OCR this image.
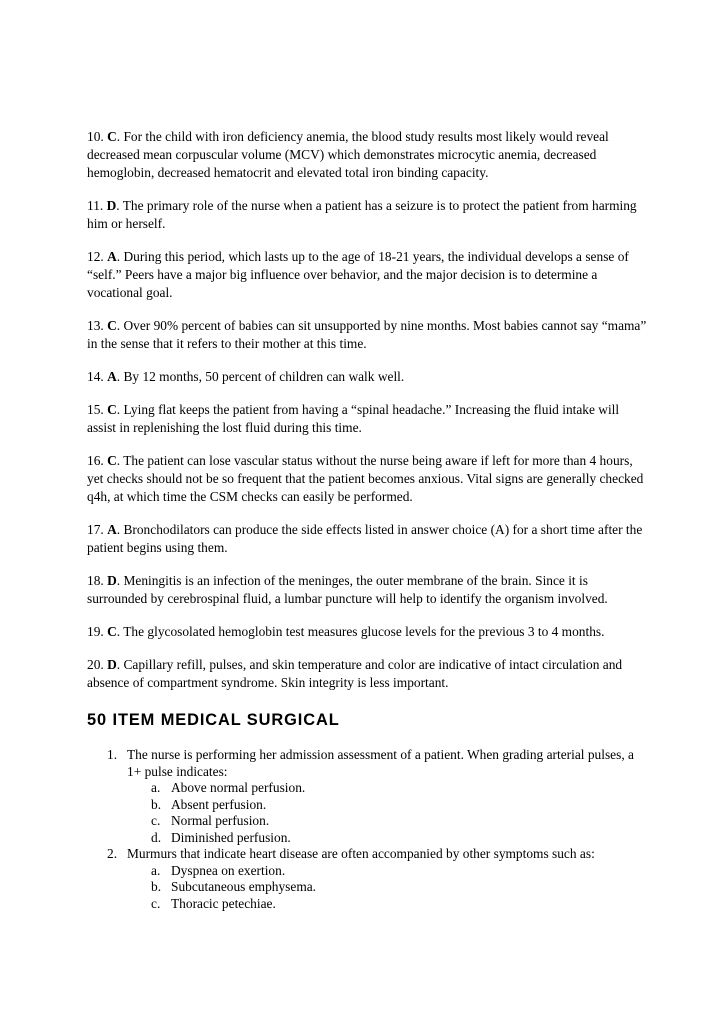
10. C. For the child with iron deficiency anemia, the blood study results most likely would reveal decreased mean corpuscular volume (MCV) which demonstrates microcytic anemia, decreased hemoglobin, decreased hematocrit and elevated total iron binding capacity.

11. D. The primary role of the nurse when a patient has a seizure is to protect the patient from harming him or herself.

12. A. During this period, which lasts up to the age of 18-21 years, the individual develops a sense of “self.” Peers have a major big influence over behavior, and the major decision is to determine a vocational goal.

13. C. Over 90% percent of babies can sit unsupported by nine months. Most babies cannot say “mama” in the sense that it refers to their mother at this time.

14. A. By 12 months, 50 percent of children can walk well.

15. C. Lying flat keeps the patient from having a “spinal headache.” Increasing the fluid intake will assist in replenishing the lost fluid during this time.

16. C. The patient can lose vascular status without the nurse being aware if left for more than 4 hours, yet checks should not be so frequent that the patient becomes anxious. Vital signs are generally checked q4h, at which time the CSM checks can easily be performed.

17. A. Bronchodilators can produce the side effects listed in answer choice (A) for a short time after the patient begins using them.

18. D. Meningitis is an infection of the meninges, the outer membrane of the brain. Since it is surrounded by cerebrospinal fluid, a lumbar puncture will help to identify the organism involved.

19. C. The glycosolated hemoglobin test measures glucose levels for the previous 3 to 4 months.

20. D. Capillary refill, pulses, and skin temperature and color are indicative of intact circulation and absence of compartment syndrome. Skin integrity is less important.

50 ITEM MEDICAL SURGICAL
1. The nurse is performing her admission assessment of a patient. When grading arterial pulses, a 1+ pulse indicates:
a. Above normal perfusion.
b. Absent perfusion.
c. Normal perfusion.
d. Diminished perfusion.
2. Murmurs that indicate heart disease are often accompanied by other symptoms such as:
a. Dyspnea on exertion.
b. Subcutaneous emphysema.
c. Thoracic petechiae.
